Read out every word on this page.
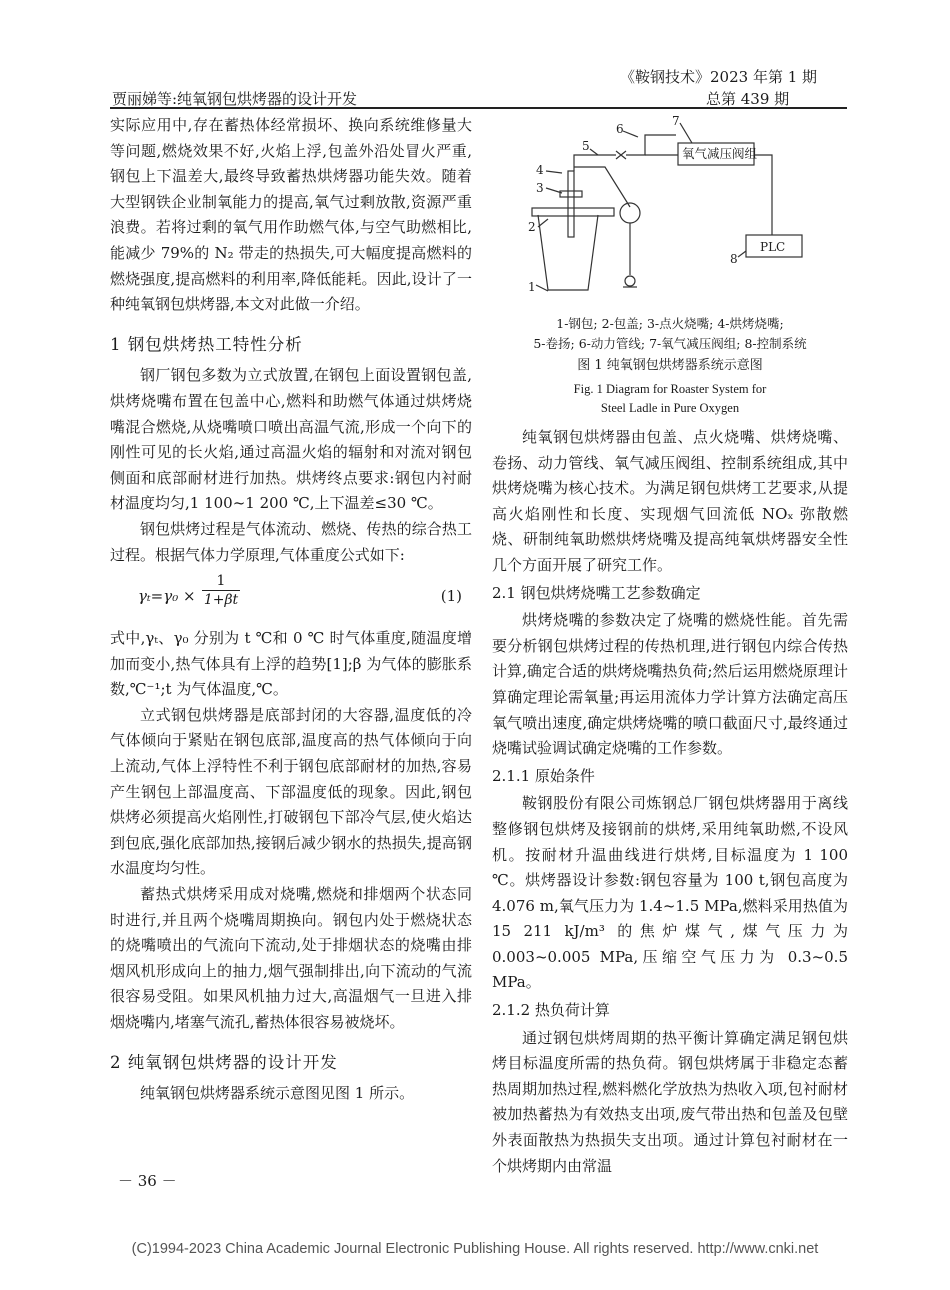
《鞍钢技术》2023 年第 1 期
贾丽娣等:纯氧钢包烘烤器的设计开发	总第 439 期

实际应用中,存在蓄热体经常损坏、换向系统维修量大等问题,燃烧效果不好,火焰上浮,包盖外沿处冒火严重,钢包上下温差大,最终导致蓄热烘烤器功能失效。随着大型钢铁企业制氧能力的提高,氧气过剩放散,资源严重浪费。若将过剩的氧气用作助燃气体,与空气助燃相比,能减少 79%的 N₂ 带走的热损失,可大幅度提高燃料的燃烧强度,提高燃料的利用率,降低能耗。因此,设计了一种纯氧钢包烘烤器,本文对此做一介绍。

1 钢包烘烤热工特性分析

钢厂钢包多数为立式放置,在钢包上面设置钢包盖,烘烤烧嘴布置在包盖中心,燃料和助燃气体通过烘烤烧嘴混合燃烧,从烧嘴喷口喷出高温气流,形成一个向下的刚性可见的长火焰,通过高温火焰的辐射和对流对钢包侧面和底部耐材进行加热。烘烤终点要求:钢包内衬耐材温度均匀,1 100~1 200 ℃,上下温差≤30 ℃。

钢包烘烤过程是气体流动、燃烧、传热的综合热工过程。根据气体力学原理,气体重度公式如下:

$\gamma_t=\gamma_0 \times \frac{1}{1+\beta t}$	(1)

式中,γₜ、γ₀ 分别为 t ℃和 0 ℃ 时气体重度,随温度增加而变小,热气体具有上浮的趋势[1];β 为气体的膨胀系数,℃⁻¹;t 为气体温度,℃。

立式钢包烘烤器是底部封闭的大容器,温度低的冷气体倾向于紧贴在钢包底部,温度高的热气体倾向于向上流动,气体上浮特性不利于钢包底部耐材的加热,容易产生钢包上部温度高、下部温度低的现象。因此,钢包烘烤必须提高火焰刚性,打破钢包下部冷气层,使火焰达到包底,强化底部加热,接钢后减少钢水的热损失,提高钢水温度均匀性。

蓄热式烘烤采用成对烧嘴,燃烧和排烟两个状态同时进行,并且两个烧嘴周期换向。钢包内处于燃烧状态的烧嘴喷出的气流向下流动,处于排烟状态的烧嘴由排烟风机形成向上的抽力,烟气强制排出,向下流动的气流很容易受阻。如果风机抽力过大,高温烟气一旦进入排烟烧嘴内,堵塞气流孔,蓄热体很容易被烧坏。

2 纯氧钢包烘烤器的设计开发

纯氧钢包烘烤器系统示意图见图 1 所示。

1
2
3
4
5
6
7
8
氧气减压阀组
PLC
1-钢包; 2-包盖; 3-点火烧嘴; 4-烘烤烧嘴;
5-卷扬; 6-动力管线; 7-氧气减压阀组; 8-控制系统
图 1 纯氧钢包烘烤器系统示意图
Fig. 1 Diagram for Roaster System for
Steel Ladle in Pure Oxygen

纯氧钢包烘烤器由包盖、点火烧嘴、烘烤烧嘴、卷扬、动力管线、氧气减压阀组、控制系统组成,其中烘烤烧嘴为核心技术。为满足钢包烘烤工艺要求,从提高火焰刚性和长度、实现烟气回流低 NOₓ 弥散燃烧、研制纯氧助燃烘烤烧嘴及提高纯氧烘烤器安全性几个方面开展了研究工作。

2.1 钢包烘烤烧嘴工艺参数确定

烘烤烧嘴的参数决定了烧嘴的燃烧性能。首先需要分析钢包烘烤过程的传热机理,进行钢包内综合传热计算,确定合适的烘烤烧嘴热负荷;然后运用燃烧原理计算确定理论需氧量;再运用流体力学计算方法确定高压氧气喷出速度,确定烘烤烧嘴的喷口截面尺寸,最终通过烧嘴试验调试确定烧嘴的工作参数。

2.1.1 原始条件

鞍钢股份有限公司炼钢总厂钢包烘烤器用于离线整修钢包烘烤及接钢前的烘烤,采用纯氧助燃,不设风机。按耐材升温曲线进行烘烤,目标温度为 1 100 ℃。烘烤器设计参数:钢包容量为 100 t,钢包高度为 4.076 m,氧气压力为 1.4~1.5 MPa,燃料采用热值为 15 211 kJ/m³ 的焦炉煤气,煤气压力为 0.003~0.005 MPa,压缩空气压力为 0.3~0.5 MPa。

2.1.2 热负荷计算

通过钢包烘烤周期的热平衡计算确定满足钢包烘烤目标温度所需的热负荷。钢包烘烤属于非稳定态蓄热周期加热过程,燃料燃化学放热为热收入项,包衬耐材被加热蓄热为有效热支出项,废气带出热和包盖及包壁外表面散热为热损失支出项。通过计算包衬耐材在一个烘烤期内由常温

－ 36 －
(C)1994-2023 China Academic Journal Electronic Publishing House. All rights reserved. http://www.cnki.net
